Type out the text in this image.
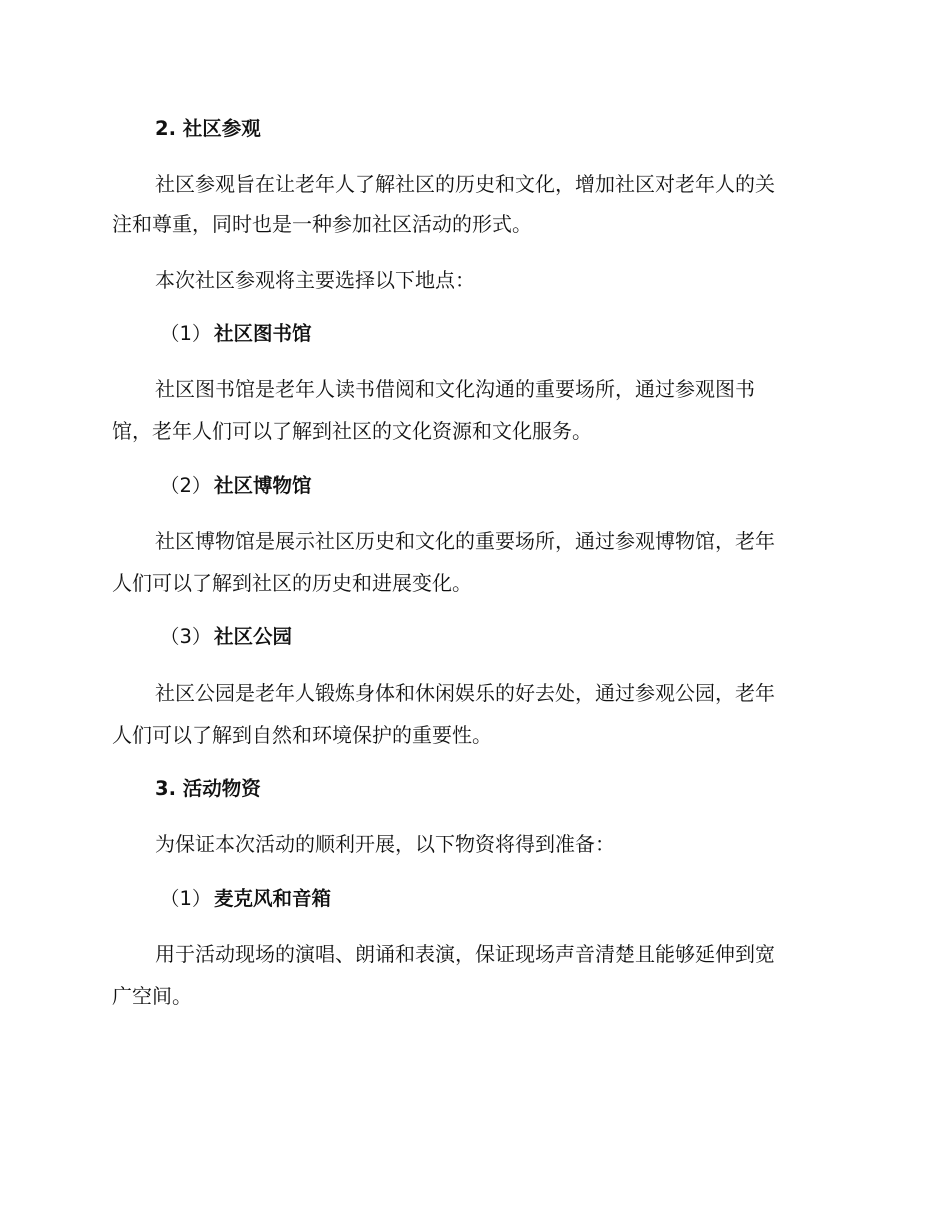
2. 社区参观
社区参观旨在让老年人了解社区的历史和文化，增加社区对老年人的关
注和尊重，同时也是一种参加社区活动的形式。
本次社区参观将主要选择以下地点：
（1） 社区图书馆
社区图书馆是老年人读书借阅和文化沟通的重要场所，通过参观图书
馆，老年人们可以了解到社区的文化资源和文化服务。
（2） 社区博物馆
社区博物馆是展示社区历史和文化的重要场所，通过参观博物馆，老年
人们可以了解到社区的历史和进展变化。
（3） 社区公园
社区公园是老年人锻炼身体和休闲娱乐的好去处，通过参观公园，老年
人们可以了解到自然和环境保护的重要性。
3. 活动物资
为保证本次活动的顺利开展，以下物资将得到准备：
（1） 麦克风和音箱
用于活动现场的演唱、朗诵和表演，保证现场声音清楚且能够延伸到宽
广空间。
